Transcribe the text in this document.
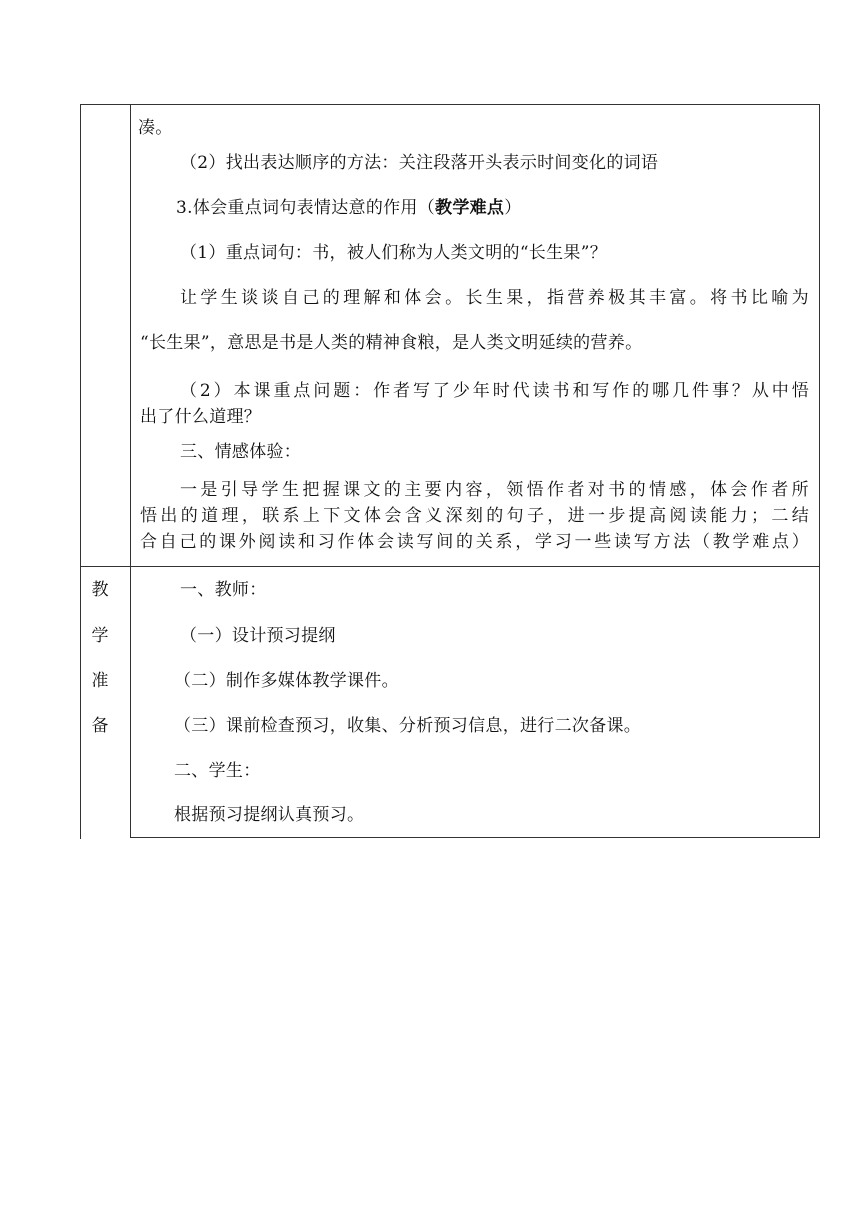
凑。
（2）找出表达顺序的方法：关注段落开头表示时间变化的词语
3.体会重点词句表情达意的作用（教学难点）
（1）重点词句：书，被人们称为人类文明的“长生果”？
让学生谈谈自己的理解和体会。长生果，指营养极其丰富。将书比喻为
“长生果”，意思是书是人类的精神食粮，是人类文明延续的营养。
（2）本课重点问题：作者写了少年时代读书和写作的哪几件事？从中悟
出了什么道理？
三、情感体验：
一是引导学生把握课文的主要内容，领悟作者对书的情感，体会作者所
悟出的道理，联系上下文体会含义深刻的句子，进一步提高阅读能力；二结
合自己的课外阅读和习作体会读写间的关系，学习一些读写方法（教学难点）
教
学
准
备
一、教师：
（一）设计预习提纲
（二）制作多媒体教学课件。
（三）课前检查预习，收集、分析预习信息，进行二次备课。
二、学生：
根据预习提纲认真预习。
